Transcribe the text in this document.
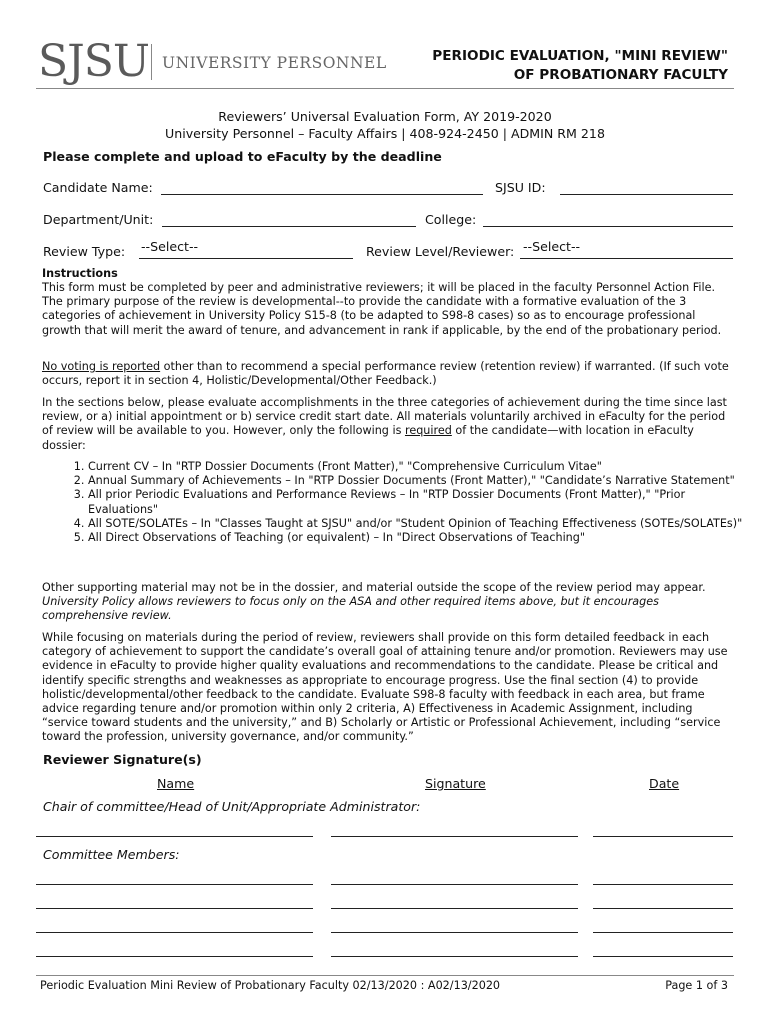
SJSU UNIVERSITY PERSONNEL	PERIODIC EVALUATION, "MINI REVIEW"
OF PROBATIONARY FACULTY
Reviewers’ Universal Evaluation Form, AY 2019-2020
University Personnel – Faculty Affairs | 408-924-2450 | ADMIN RM 218
Please complete and upload to eFaculty by the deadline
Candidate Name:	SJSU ID:
Department/Unit:	College:
Review Type: --Select--	Review Level/Reviewer: --Select--
Instructions

This form must be completed by peer and administrative reviewers; it will be placed in the faculty Personnel Action File. The primary purpose of the review is developmental--to provide the candidate with a formative evaluation of the 3 categories of achievement in University Policy S15-8 (to be adapted to S98-8 cases) so as to encourage professional growth that will merit the award of tenure, and advancement in rank if applicable, by the end of the probationary period.

No voting is reported other than to recommend a special performance review (retention review) if warranted. (If such vote occurs, report it in section 4, Holistic/Developmental/Other Feedback.)

In the sections below, please evaluate accomplishments in the three categories of achievement during the time since last review, or a) initial appointment or b) service credit start date. All materials voluntarily archived in eFaculty for the period of review will be available to you. However, only the following is required of the candidate—with location in eFaculty dossier:

1. Current CV – In "RTP Dossier Documents (Front Matter)," "Comprehensive Curriculum Vitae"
2. Annual Summary of Achievements – In "RTP Dossier Documents (Front Matter)," "Candidate’s Narrative Statement"
3. All prior Periodic Evaluations and Performance Reviews – In "RTP Dossier Documents (Front Matter)," "Prior Evaluations"
4. All SOTE/SOLATEs – In "Classes Taught at SJSU" and/or "Student Opinion of Teaching Effectiveness (SOTEs/SOLATEs)"
5. All Direct Observations of Teaching (or equivalent) – In "Direct Observations of Teaching"

Other supporting material may not be in the dossier, and material outside the scope of the review period may appear.

University Policy allows reviewers to focus only on the ASA and other required items above, but it encourages comprehensive review.

While focusing on materials during the period of review, reviewers shall provide on this form detailed feedback in each category of achievement to support the candidate’s overall goal of attaining tenure and/or promotion. Reviewers may use evidence in eFaculty to provide higher quality evaluations and recommendations to the candidate. Please be critical and identify specific strengths and weaknesses as appropriate to encourage progress. Use the final section (4) to provide holistic/developmental/other feedback to the candidate. Evaluate S98-8 faculty with feedback in each area, but frame advice regarding tenure and/or promotion within only 2 criteria, A) Effectiveness in Academic Assignment, including “service toward students and the university,” and B) Scholarly or Artistic or Professional Achievement, including “service toward the profession, university governance, and/or community.”

Reviewer Signature(s)
Name	Signature	Date
Chair of committee/Head of Unit/Appropriate Administrator:
Committee Members:
Periodic Evaluation Mini Review of Probationary Faculty 02/13/2020 : A02/13/2020	Page 1 of 3
